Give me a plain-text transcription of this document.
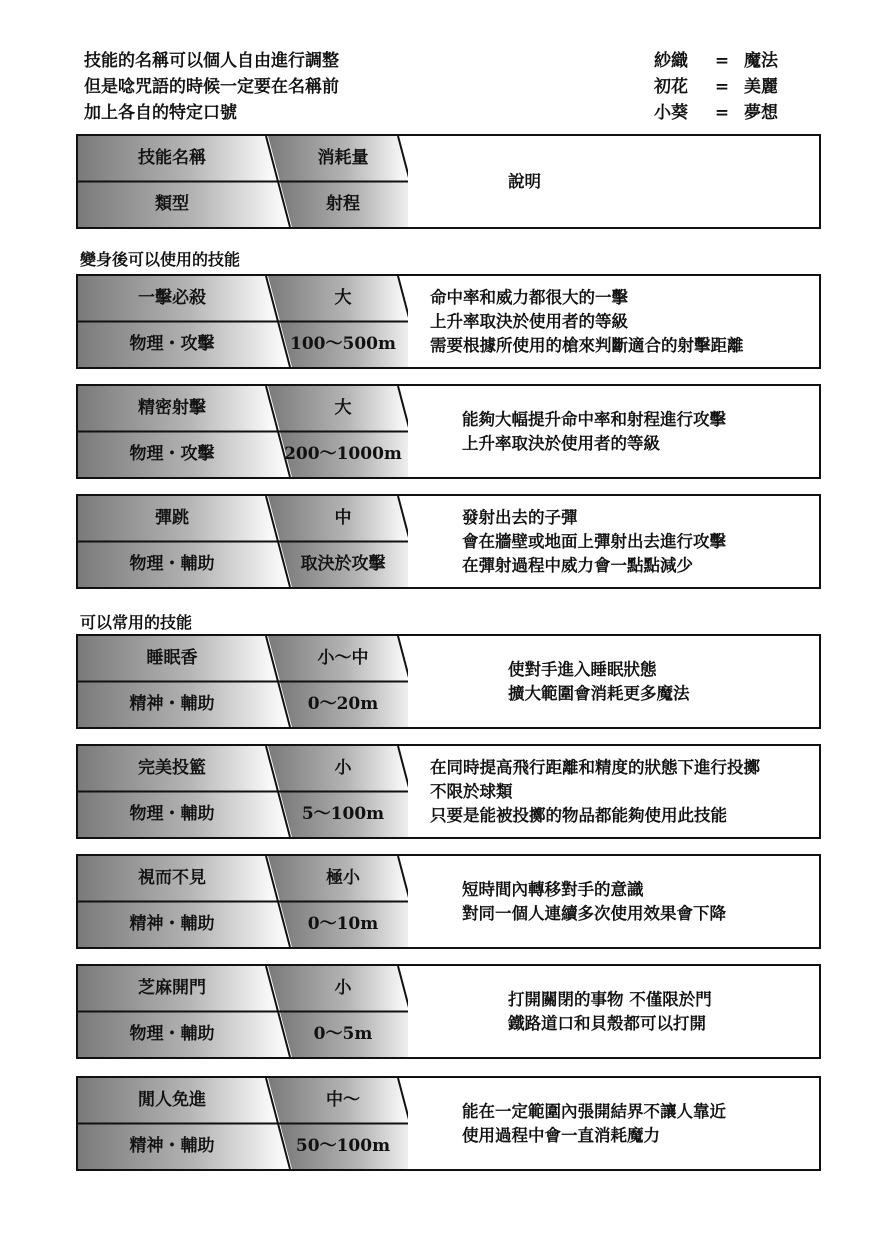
技能的名稱可以個人自由進行調整
但是唸咒語的時候一定要在名稱前
加上各自的特定口號
紗織	= 魔法
初花	= 美麗
小葵	= 夢想
技能名稱	消耗量
類型	射程
說明
變身後可以使用的技能
一擊必殺	大
物理・攻擊	100～500m
命中率和威力都很大的一擊
上升率取決於使用者的等級
需要根據所使用的槍來判斷適合的射擊距離
精密射擊	大
物理・攻擊	200～1000m
能夠大幅提升命中率和射程進行攻擊
上升率取決於使用者的等級
彈跳	中
物理・輔助	取決於攻擊
發射出去的子彈
會在牆壁或地面上彈射出去進行攻擊
在彈射過程中威力會一點點減少
睡眠香	小～中
精神・輔助	0～20m
使對手進入睡眠狀態
擴大範圍會消耗更多魔法
完美投籃	小
物理・輔助	5～100m
在同時提高飛行距離和精度的狀態下進行投擲
不限於球類
只要是能被投擲的物品都能夠使用此技能
視而不見	極小
精神・輔助	0～10m
短時間內轉移對手的意識
對同一個人連續多次使用效果會下降
芝麻開門	小
物理・輔助	0～5m
打開關閉的事物 不僅限於門
鐵路道口和貝殼都可以打開
閒人免進	中～
精神・輔助	50～100m
能在一定範圍內張開結界不讓人靠近
使用過程中會一直消耗魔力
可以常用的技能
